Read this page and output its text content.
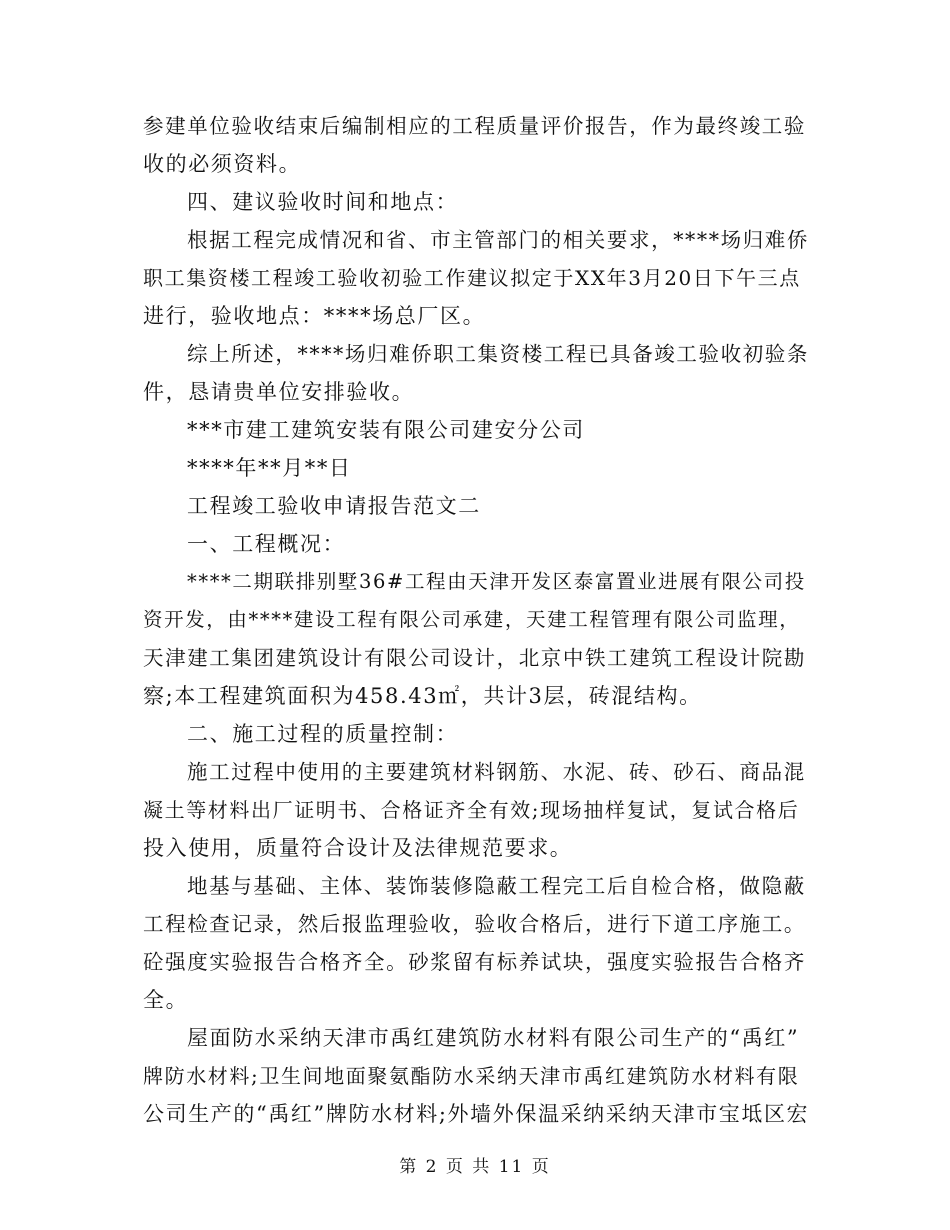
参建单位验收结束后编制相应的工程质量评价报告，作为最终竣工验
收的必须资料。
四、建议验收时间和地点：
根据工程完成情况和省、市主管部门的相关要求，****场归难侨
职工集资楼工程竣工验收初验工作建议拟定于XX年3月20日下午三点
进行，验收地点：****场总厂区。
综上所述，****场归难侨职工集资楼工程已具备竣工验收初验条
件，恳请贵单位安排验收。
***市建工建筑安装有限公司建安分公司
****年**月**日
工程竣工验收申请报告范文二
一、工程概况：
****二期联排别墅36#工程由天津开发区泰富置业进展有限公司投
资开发，由****建设工程有限公司承建，天建工程管理有限公司监理，
天津建工集团建筑设计有限公司设计，北京中铁工建筑工程设计院勘
察;本工程建筑面积为458.43㎡，共计3层，砖混结构。
二、施工过程的质量控制：
施工过程中使用的主要建筑材料钢筋、水泥、砖、砂石、商品混
凝土等材料出厂证明书、合格证齐全有效;现场抽样复试，复试合格后
投入使用，质量符合设计及法律规范要求。
地基与基础、主体、装饰装修隐蔽工程完工后自检合格，做隐蔽
工程检查记录，然后报监理验收，验收合格后，进行下道工序施工。
砼强度实验报告合格齐全。砂浆留有标养试块，强度实验报告合格齐
全。
屋面防水采纳天津市禹红建筑防水材料有限公司生产的“禹红”
牌防水材料;卫生间地面聚氨酯防水采纳天津市禹红建筑防水材料有限
公司生产的“禹红”牌防水材料;外墙外保温采纳采纳天津市宝坻区宏
第 2 页 共 11 页
